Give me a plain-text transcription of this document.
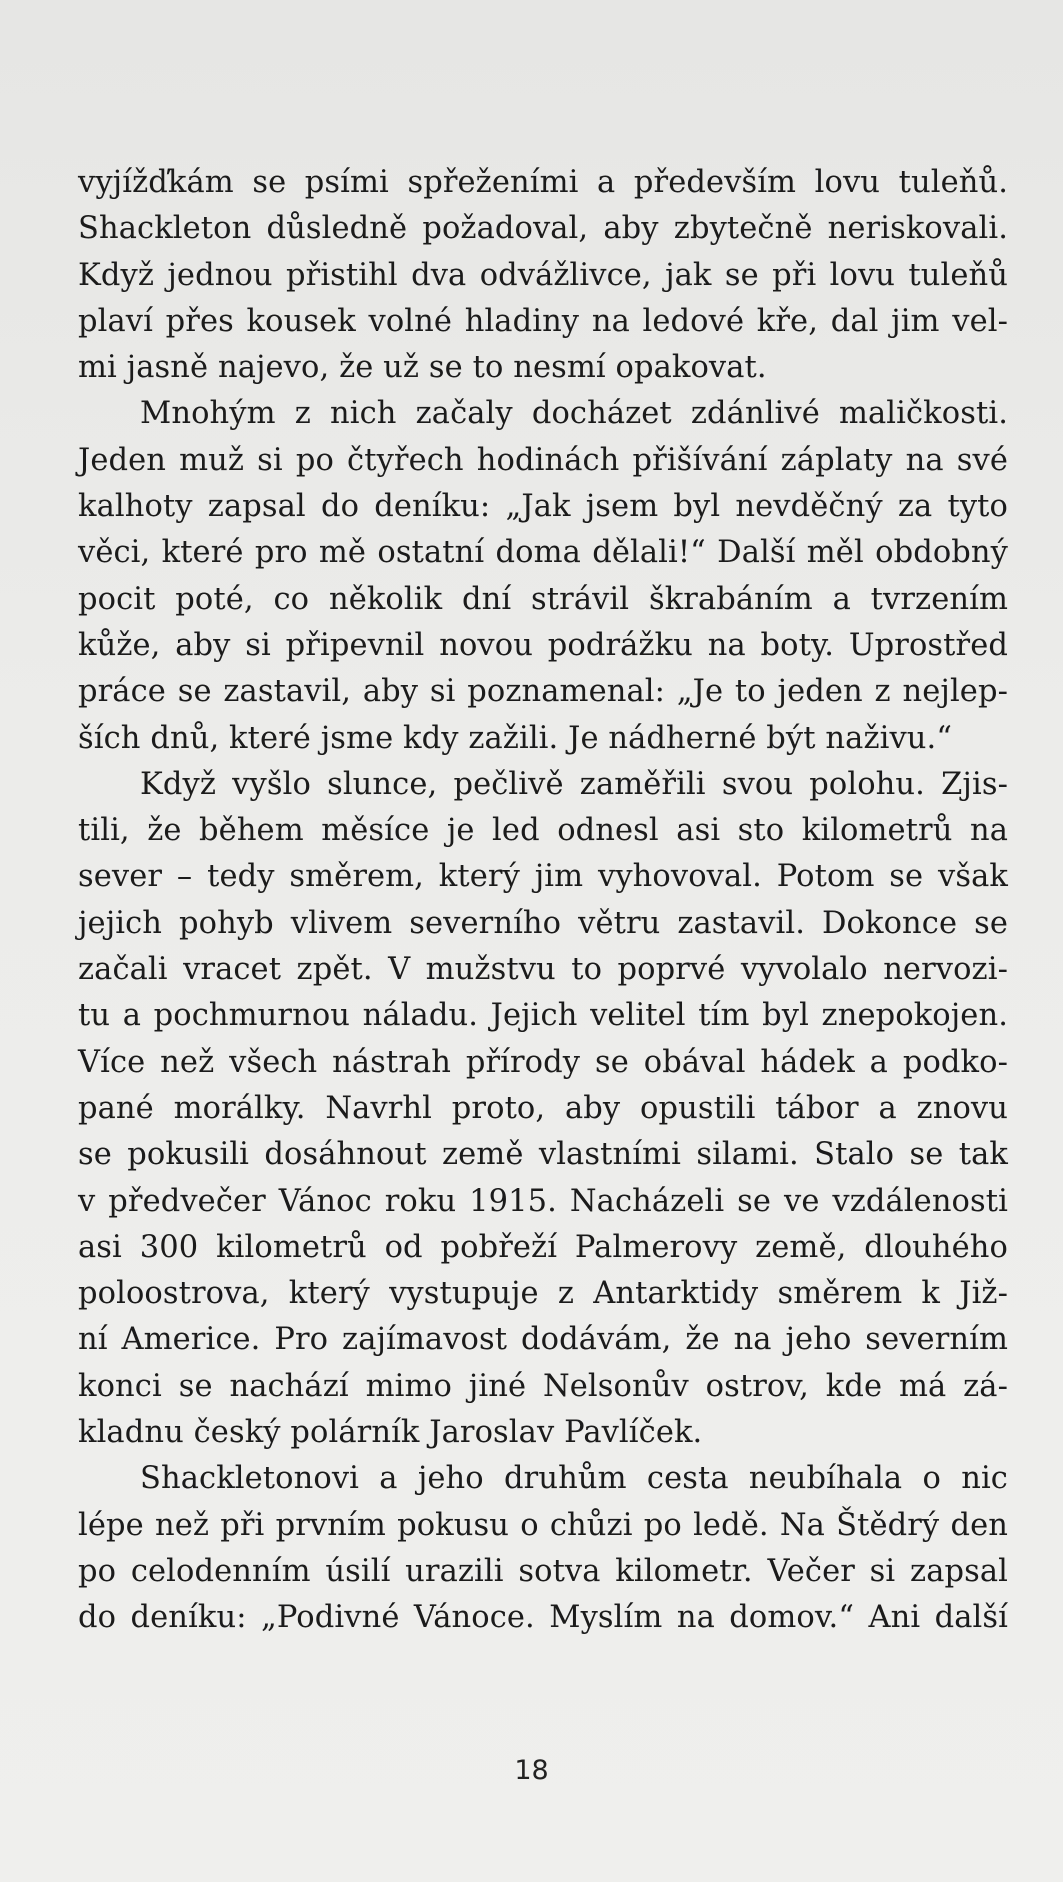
vyjížďkám se psími spřeženími a především lovu tuleňů.
Shackleton důsledně požadoval, aby zbytečně neriskovali.
Když jednou přistihl dva odvážlivce, jak se při lovu tuleňů
plaví přes kousek volné hladiny na ledové kře, dal jim vel-
mi jasně najevo, že už se to nesmí opakovat.
Mnohým z nich začaly docházet zdánlivé maličkosti.
Jeden muž si po čtyřech hodinách přišívání záplaty na své
kalhoty zapsal do deníku: „Jak jsem byl nevděčný za tyto
věci, které pro mě ostatní doma dělali!“ Další měl obdobný
pocit poté, co několik dní strávil škrabáním a tvrzením
kůže, aby si připevnil novou podrážku na boty. Uprostřed
práce se zastavil, aby si poznamenal: „Je to jeden z nejlep-
ších dnů, které jsme kdy zažili. Je nádherné být naživu.“
Když vyšlo slunce, pečlivě zaměřili svou polohu. Zjis-
tili, že během měsíce je led odnesl asi sto kilometrů na
sever – tedy směrem, který jim vyhovoval. Potom se však
jejich pohyb vlivem severního větru zastavil. Dokonce se
začali vracet zpět. V mužstvu to poprvé vyvolalo nervozi-
tu a pochmurnou náladu. Jejich velitel tím byl znepokojen.
Více než všech nástrah přírody se obával hádek a podko-
pané morálky. Navrhl proto, aby opustili tábor a znovu
se pokusili dosáhnout země vlastními silami. Stalo se tak
v předvečer Vánoc roku 1915. Nacházeli se ve vzdálenosti
asi 300 kilometrů od pobřeží Palmerovy země, dlouhého
poloostrova, který vystupuje z Antarktidy směrem k Již-
ní Americe. Pro zajímavost dodávám, že na jeho severním
konci se nachází mimo jiné Nelsonův ostrov, kde má zá-
kladnu český polárník Jaroslav Pavlíček.
Shackletonovi a jeho druhům cesta neubíhala o nic
lépe než při prvním pokusu o chůzi po ledě. Na Štědrý den
po celodenním úsilí urazili sotva kilometr. Večer si zapsal
do deníku: „Podivné Vánoce. Myslím na domov.“ Ani další
18
